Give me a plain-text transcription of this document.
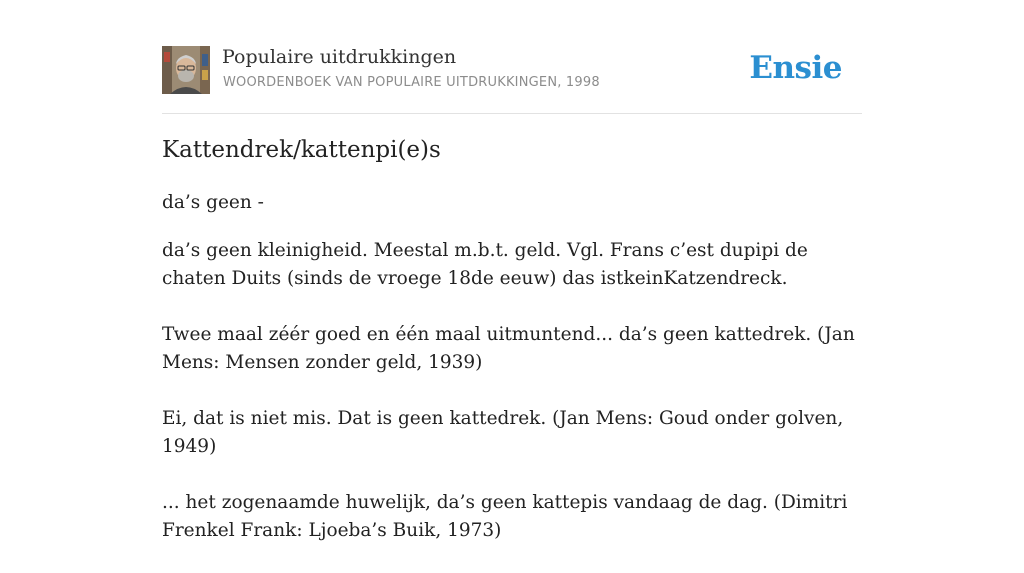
Populaire uitdrukkingen
WOORDENBOEK VAN POPULAIRE UITDRUKKINGEN, 1998	Ensie
Kattendrek/kattenpi(e)s
da’s geen -

da’s geen kleinigheid. Meestal m.b.t. geld. Vgl. Frans c’est dupipi de chaten Duits (sinds de vroege 18de eeuw) das istkeinKatzendreck.

Twee maal zéér goed en één maal uitmuntend... da’s geen kattedrek. (Jan Mens: Mensen zonder geld, 1939)

Ei, dat is niet mis. Dat is geen kattedrek. (Jan Mens: Goud onder golven, 1949)

... het zogenaamde huwelijk, da’s geen kattepis vandaag de dag. (Dimitri Frenkel Frank: Ljoeba’s Buik, 1973)
